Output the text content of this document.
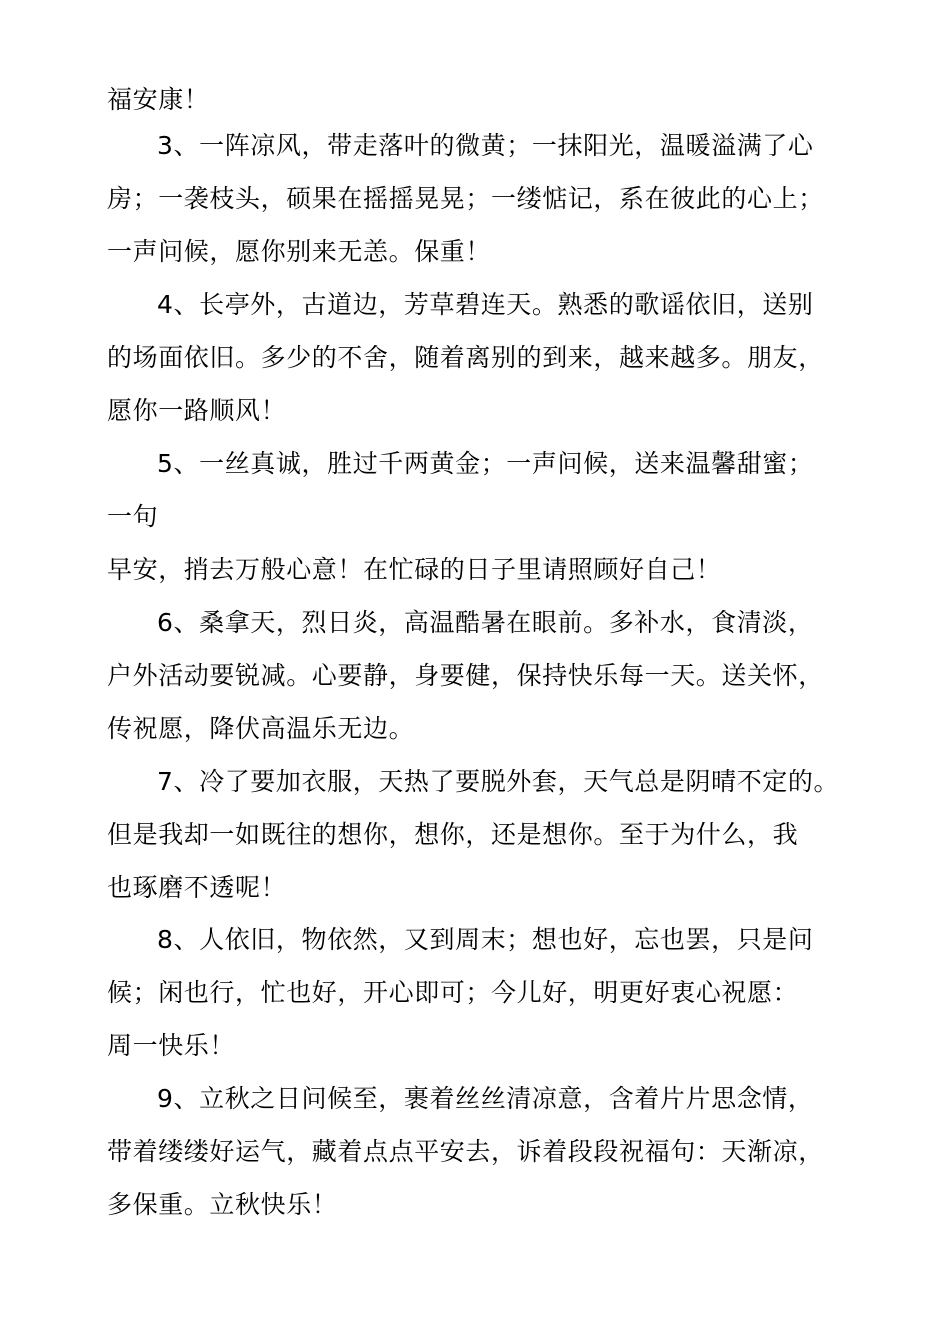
福安康！
3、一阵凉风，带走落叶的微黄；一抹阳光，温暖溢满了心
房；一袭枝头，硕果在摇摇晃晃；一缕惦记，系在彼此的心上；
一声问候，愿你别来无恙。保重！
4、长亭外，古道边，芳草碧连天。熟悉的歌谣依旧，送别
的场面依旧。多少的不舍，随着离别的到来，越来越多。朋友，
愿你一路顺风！
5、一丝真诚，胜过千两黄金；一声问候，送来温馨甜蜜；
一句
早安，捎去万般心意！在忙碌的日子里请照顾好自己！
6、桑拿天，烈日炎，高温酷暑在眼前。多补水，食清淡，
户外活动要锐减。心要静，身要健，保持快乐每一天。送关怀，
传祝愿，降伏高温乐无边。
7、冷了要加衣服，天热了要脱外套，天气总是阴晴不定的。
但是我却一如既往的想你，想你，还是想你。至于为什么，我
也琢磨不透呢！
8、人依旧，物依然，又到周末；想也好，忘也罢，只是问
候；闲也行，忙也好，开心即可；今儿好，明更好衷心祝愿：
周一快乐！
9、立秋之日问候至，裹着丝丝清凉意，含着片片思念情，
带着缕缕好运气，藏着点点平安去，诉着段段祝福句：天渐凉，
多保重。立秋快乐！
